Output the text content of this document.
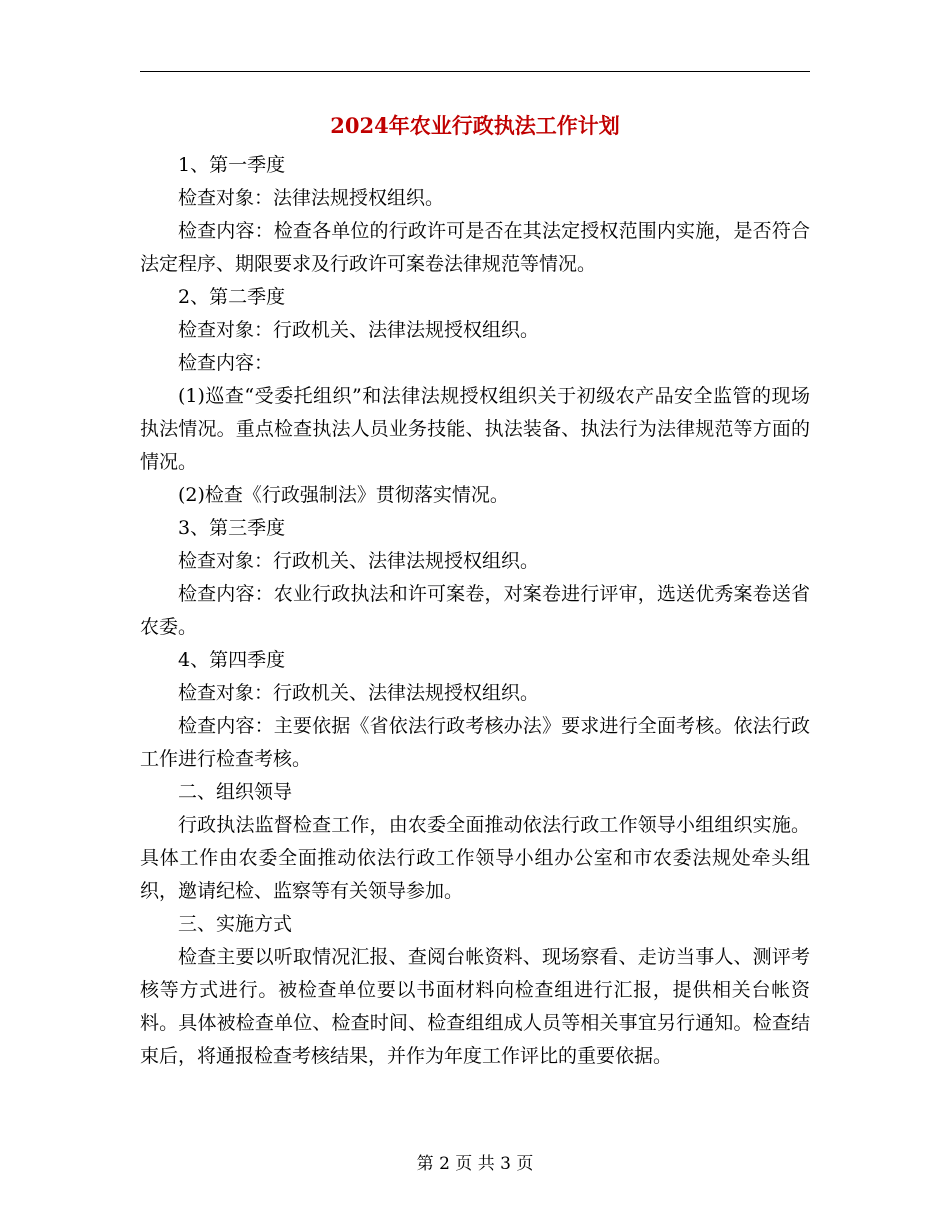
2024年农业行政执法工作计划

1、第一季度

检查对象：法律法规授权组织。

检查内容：检查各单位的行政许可是否在其法定授权范围内实施，是否符合法定程序、期限要求及行政许可案卷法律规范等情况。

2、第二季度

检查对象：行政机关、法律法规授权组织。

检查内容：

(1)巡查“受委托组织”和法律法规授权组织关于初级农产品安全监管的现场执法情况。重点检查执法人员业务技能、执法装备、执法行为法律规范等方面的情况。

(2)检查《行政强制法》贯彻落实情况。

3、第三季度

检查对象：行政机关、法律法规授权组织。

检查内容：农业行政执法和许可案卷，对案卷进行评审，选送优秀案卷送省农委。

4、第四季度

检查对象：行政机关、法律法规授权组织。

检查内容：主要依据《省依法行政考核办法》要求进行全面考核。依法行政工作进行检查考核。

二、组织领导

行政执法监督检查工作，由农委全面推动依法行政工作领导小组组织实施。具体工作由农委全面推动依法行政工作领导小组办公室和市农委法规处牵头组织，邀请纪检、监察等有关领导参加。

三、实施方式

检查主要以听取情况汇报、查阅台帐资料、现场察看、走访当事人、测评考核等方式进行。被检查单位要以书面材料向检查组进行汇报，提供相关台帐资料。具体被检查单位、检查时间、检查组组成人员等相关事宜另行通知。检查结束后，将通报检查考核结果，并作为年度工作评比的重要依据。

第 2 页 共 3 页
